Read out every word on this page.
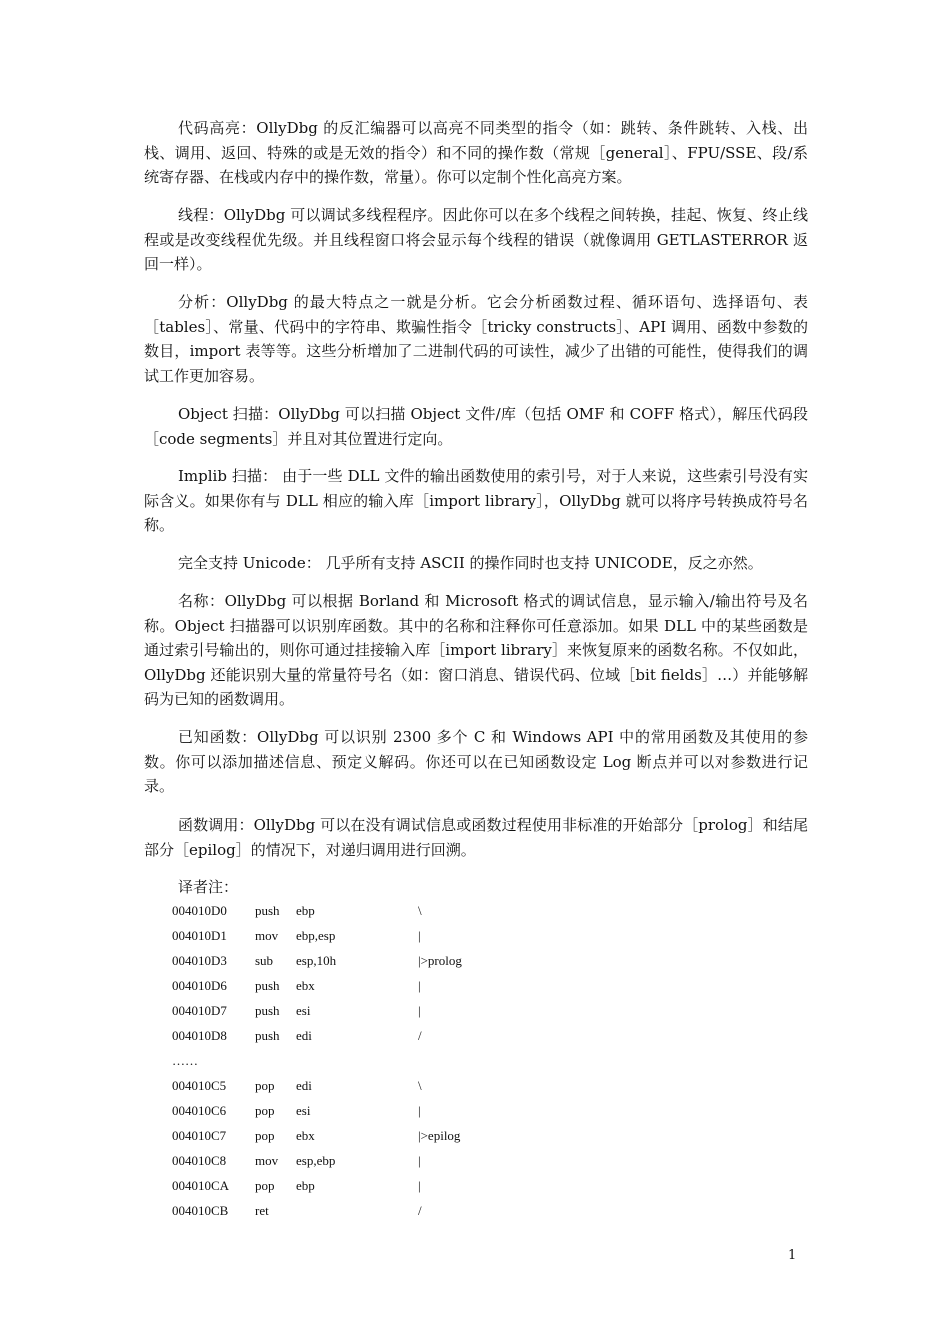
代码高亮：OllyDbg 的反汇编器可以高亮不同类型的指令（如：跳转、条件跳转、入栈、出栈、调用、返回、特殊的或是无效的指令）和不同的操作数（常规［general］、FPU/SSE、段/系统寄存器、在栈或内存中的操作数，常量）。你可以定制个性化高亮方案。

线程：OllyDbg 可以调试多线程程序。因此你可以在多个线程之间转换，挂起、恢复、终止线程或是改变线程优先级。并且线程窗口将会显示每个线程的错误（就像调用 GETLASTERROR 返回一样）。

分析：OllyDbg 的最大特点之一就是分析。它会分析函数过程、循环语句、选择语句、表［tables］、常量、代码中的字符串、欺骗性指令［tricky constructs］、API 调用、函数中参数的数目，import 表等等。这些分析增加了二进制代码的可读性，减少了出错的可能性，使得我们的调试工作更加容易。

Object 扫描：OllyDbg 可以扫描 Object 文件/库（包括 OMF 和 COFF 格式），解压代码段［code segments］并且对其位置进行定向。

Implib 扫描： 由于一些 DLL 文件的输出函数使用的索引号，对于人来说，这些索引号没有实际含义。如果你有与 DLL 相应的输入库［import library］，OllyDbg 就可以将序号转换成符号名称。

完全支持 Unicode： 几乎所有支持 ASCII 的操作同时也支持 UNICODE，反之亦然。

名称：OllyDbg 可以根据 Borland 和 Microsoft 格式的调试信息，显示输入/输出符号及名称。Object 扫描器可以识别库函数。其中的名称和注释你可任意添加。如果 DLL 中的某些函数是通过索引号输出的，则你可通过挂接输入库［import library］来恢复原来的函数名称。不仅如此，OllyDbg 还能识别大量的常量符号名（如：窗口消息、错误代码、位域［bit fields］…）并能够解码为已知的函数调用。

已知函数：OllyDbg 可以识别 2300 多个 C 和 Windows API 中的常用函数及其使用的参数。你可以添加描述信息、预定义解码。你还可以在已知函数设定 Log 断点并可以对参数进行记录。

函数调用：OllyDbg 可以在没有调试信息或函数过程使用非标准的开始部分［prolog］和结尾部分［epilog］的情况下，对递归调用进行回溯。

译者注：

004010D0 push ebp	\
004010D1 mov ebp,esp	|
004010D3 sub esp,10h	|>prolog
004010D6 push ebx	|
004010D7 push esi	|
004010D8 push edi	/
……
004010C5 pop edi	\
004010C6 pop esi	|
004010C7 pop ebx	|>epilog
004010C8 mov esp,ebp	|
004010CA pop ebp	|
004010CB ret	/
1
